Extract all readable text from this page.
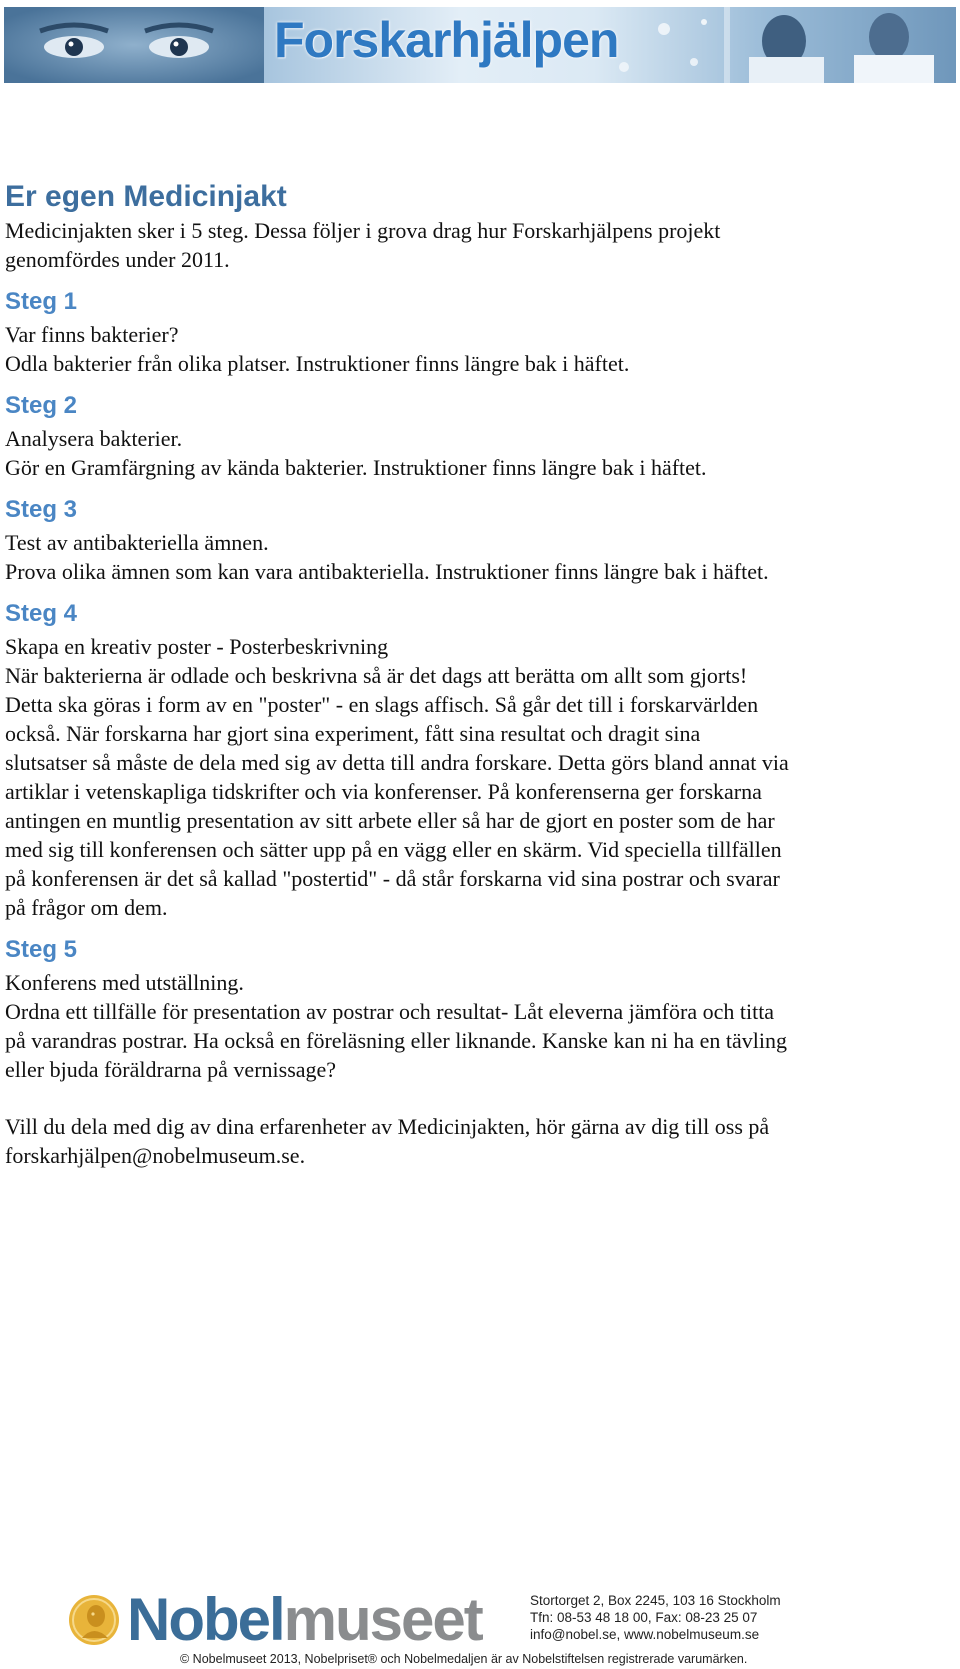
Forskarhjälpen
Er egen Medicinjakt

Medicinjakten sker i 5 steg. Dessa följer i grova drag hur Forskarhjälpens projekt

genomfördes under 2011.

Steg 1

Var finns bakterier?

Odla bakterier från olika platser. Instruktioner finns längre bak i häftet.

Steg 2

Analysera bakterier.

Gör en Gramfärgning av kända bakterier. Instruktioner finns längre bak i häftet.

Steg 3

Test av antibakteriella ämnen.

Prova olika ämnen som kan vara antibakteriella. Instruktioner finns längre bak i häftet.

Steg 4

Skapa en kreativ poster - Posterbeskrivning

När bakterierna är odlade och beskrivna så är det dags att berätta om allt som gjorts!

Detta ska göras i form av en "poster" - en slags affisch. Så går det till i forskarvärlden

också. När forskarna har gjort sina experiment, fått sina resultat och dragit sina

slutsatser så måste de dela med sig av detta till andra forskare. Detta görs bland annat via

artiklar i vetenskapliga tidskrifter och via konferenser. På konferenserna ger forskarna

antingen en muntlig presentation av sitt arbete eller så har de gjort en poster som de har

med sig till konferensen och sätter upp på en vägg eller en skärm. Vid speciella tillfällen

på konferensen är det så kallad "postertid" - då står forskarna vid sina postrar och svarar

på frågor om dem.

Steg 5

Konferens med utställning.

Ordna ett tillfälle för presentation av postrar och resultat- Låt eleverna jämföra och titta

på varandras postrar. Ha också en föreläsning eller liknande. Kanske kan ni ha en tävling

eller bjuda föräldrarna på vernissage?

Vill du dela med dig av dina erfarenheter av Medicinjakten, hör gärna av dig till oss på

forskarhjälpen@nobelmuseum.se.

Nobelmuseet	Stortorget 2, Box 2245, 103 16 Stockholm
Tfn: 08-53 48 18 00, Fax: 08-23 25 07
info@nobel.se, www.nobelmuseum.se
© Nobelmuseet 2013, Nobelpriset® och Nobelmedaljen är av Nobelstiftelsen registrerade varumärken.
